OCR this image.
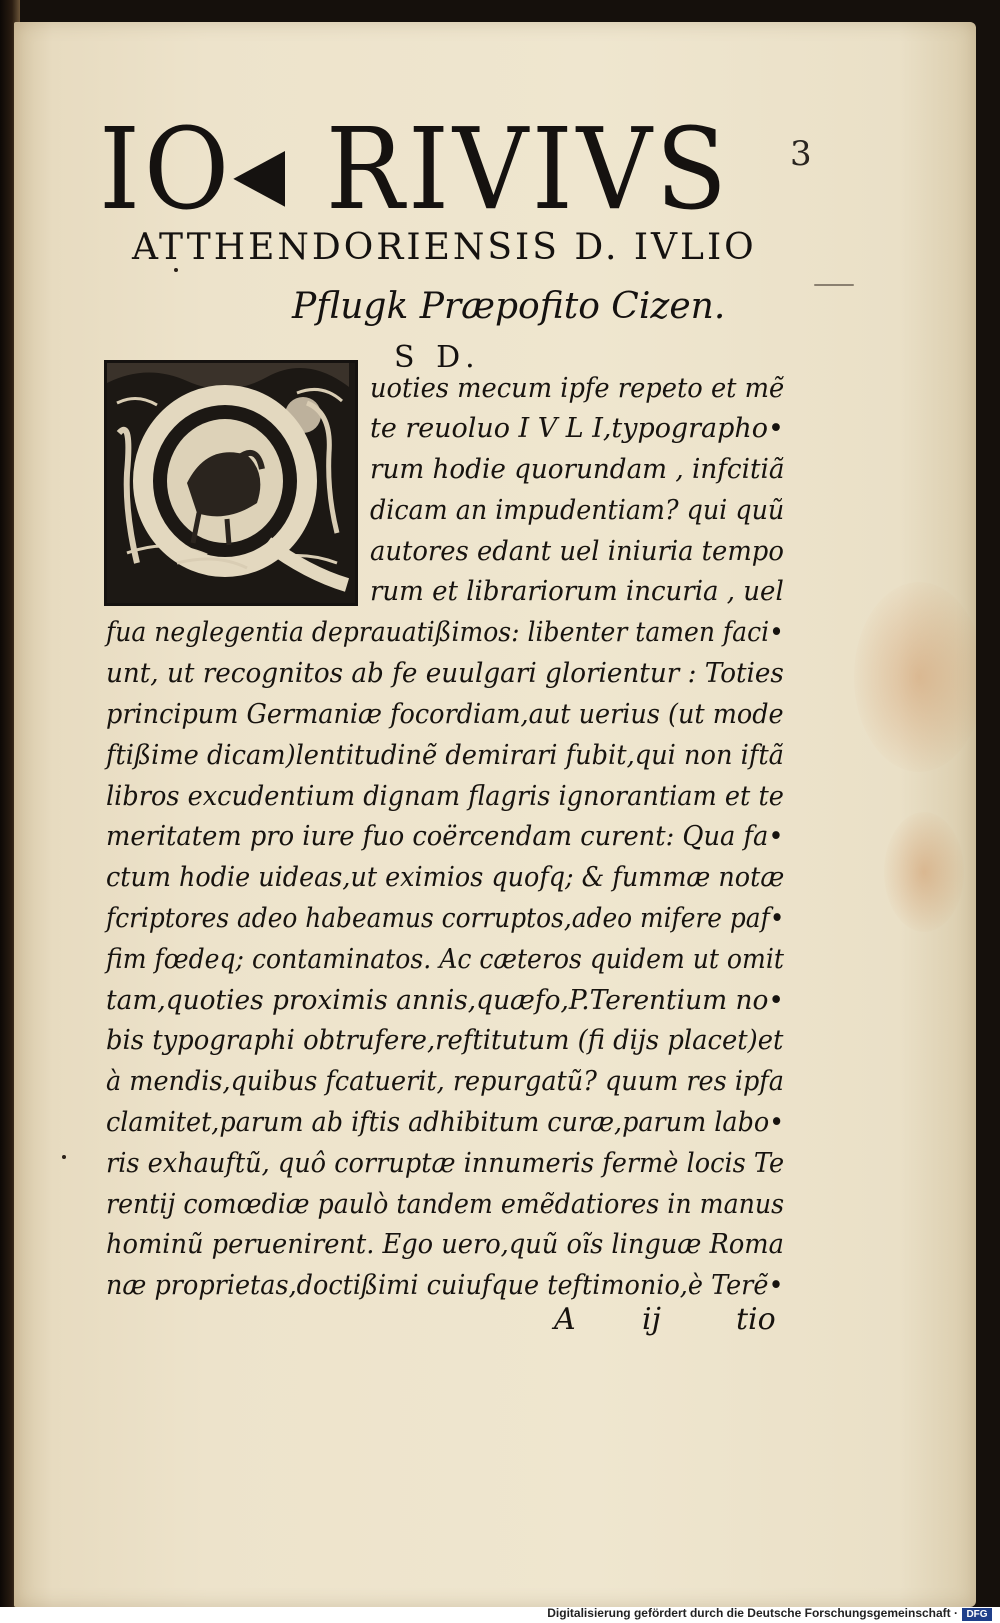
IO◂ RIVIVS	3
ATTHENDORIENSIS D. IVLIO
Pflugk Præpofito Cizen.
S D.
uoties mecum ipfe repeto et mẽ
te reuoluo I V L I,typographo•
rum hodie quorundam , infcitiã
dicam an impudentiam? qui quũ
autores edant uel iniuria tempo
rum et librariorum incuria , uel
fua neglegentia deprauatißimos: libenter tamen faci•
unt, ut recognitos ab fe euulgari glorientur : Toties
principum Germaniæ focordiam,aut uerius (ut mode
ftißime dicam)lentitudinẽ demirari fubit,qui non iftã
libros excudentium dignam flagris ignorantiam et te
meritatem pro iure fuo coërcendam curent: Qua fa•
ctum hodie uideas,ut eximios quofq; & fummæ notæ
fcriptores adeo habeamus corruptos,adeo mifere paf•
fim fœdeq; contaminatos. Ac cæteros quidem ut omit
tam,quoties proximis annis,quæfo,P.Terentium no•
bis typographi obtrufere,reftitutum (fi dijs placet)et
à mendis,quibus fcatuerit, repurgatũ? quum res ipfa
clamitet,parum ab iftis adhibitum curæ,parum labo•
ris exhauftũ, quô corruptæ innumeris fermè locis Te
rentij comœdiæ paulò tandem emẽdatiores in manus
hominũ peruenirent. Ego uero,quũ oĩs linguæ Roma
næ proprietas,doctißimi cuiufque teftimonio,è Terẽ•
A ij	tio
Digitalisierung gefördert durch die Deutsche Forschungsgemeinschaft · DFG
